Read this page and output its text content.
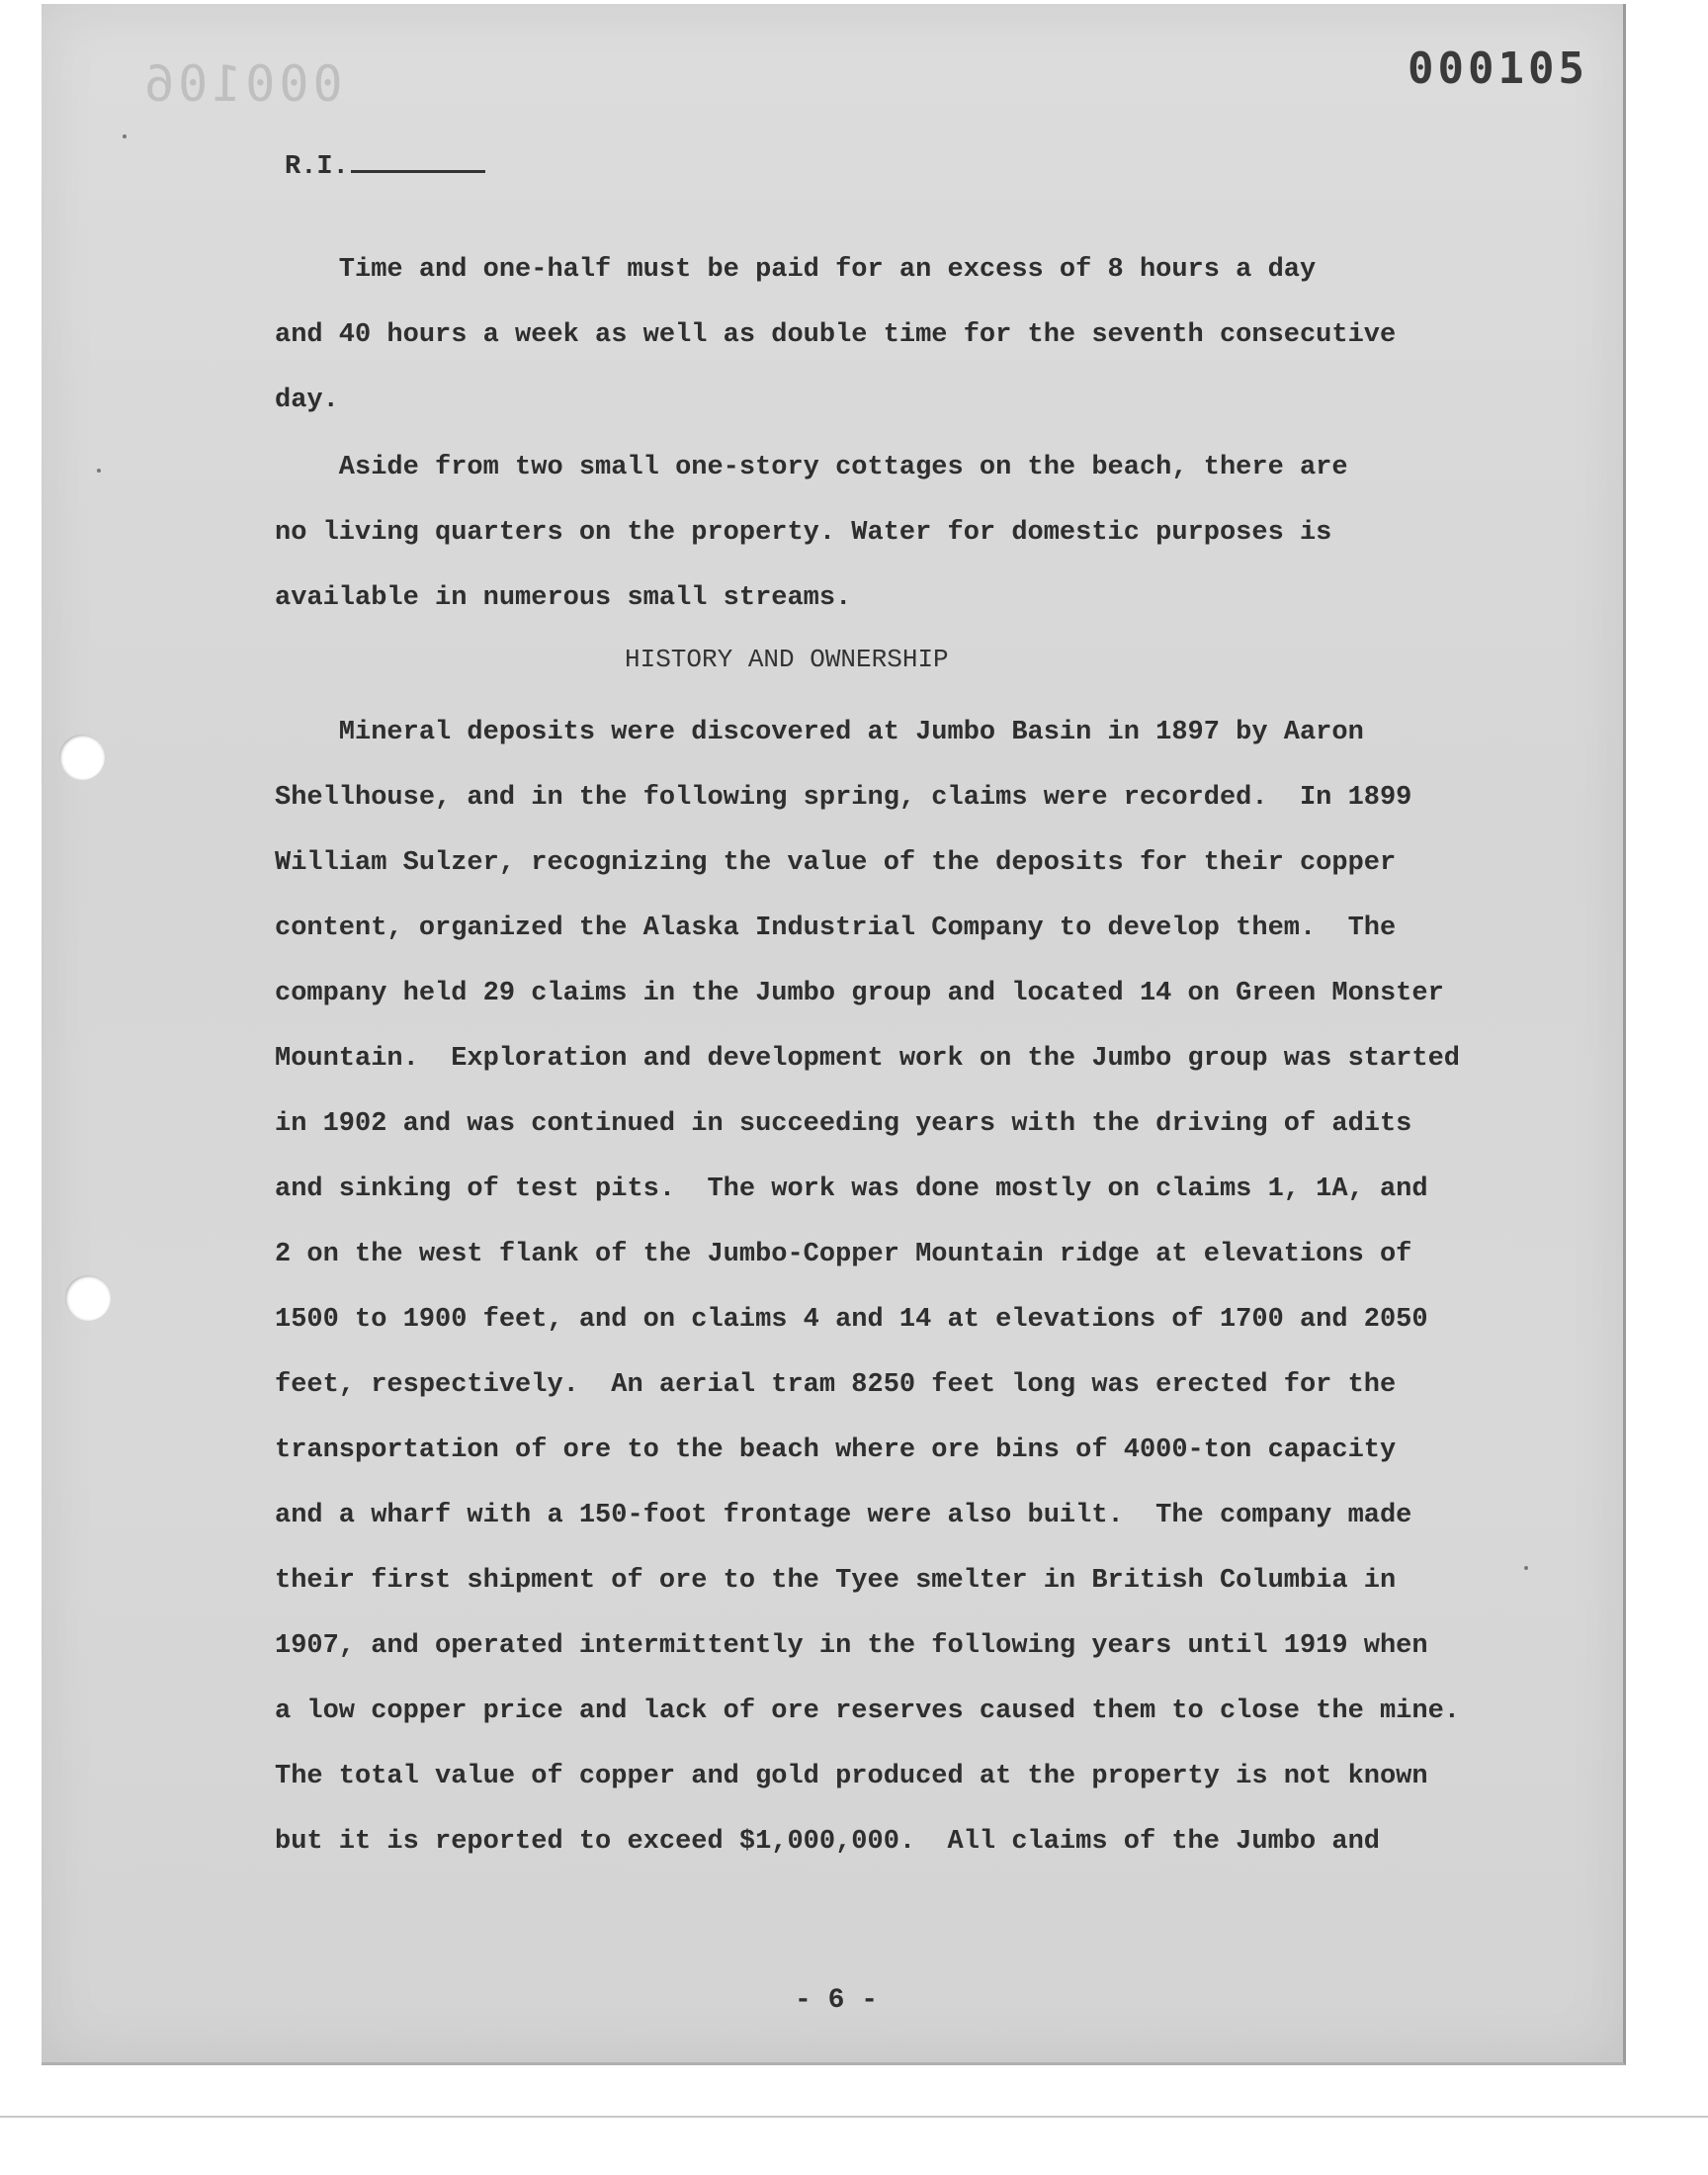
000106	000105
R.I.
Time and one-half must be paid for an excess of 8 hours a day
and 40 hours a week as well as double time for the seventh consecutive
day.
Aside from two small one-story cottages on the beach, there are
no living quarters on the property. Water for domestic purposes is
available in numerous small streams.
HISTORY AND OWNERSHIP
Mineral deposits were discovered at Jumbo Basin in 1897 by Aaron
Shellhouse, and in the following spring, claims were recorded.  In 1899
William Sulzer, recognizing the value of the deposits for their copper
content, organized the Alaska Industrial Company to develop them.  The
company held 29 claims in the Jumbo group and located 14 on Green Monster
Mountain.  Exploration and development work on the Jumbo group was started
in 1902 and was continued in succeeding years with the driving of adits
and sinking of test pits.  The work was done mostly on claims 1, 1A, and
2 on the west flank of the Jumbo-Copper Mountain ridge at elevations of
1500 to 1900 feet, and on claims 4 and 14 at elevations of 1700 and 2050
feet, respectively.  An aerial tram 8250 feet long was erected for the
transportation of ore to the beach where ore bins of 4000-ton capacity
and a wharf with a 150-foot frontage were also built.  The company made
their first shipment of ore to the Tyee smelter in British Columbia in
1907, and operated intermittently in the following years until 1919 when
a low copper price and lack of ore reserves caused them to close the mine.
The total value of copper and gold produced at the property is not known
but it is reported to exceed $1,000,000.  All claims of the Jumbo and
- 6 -
